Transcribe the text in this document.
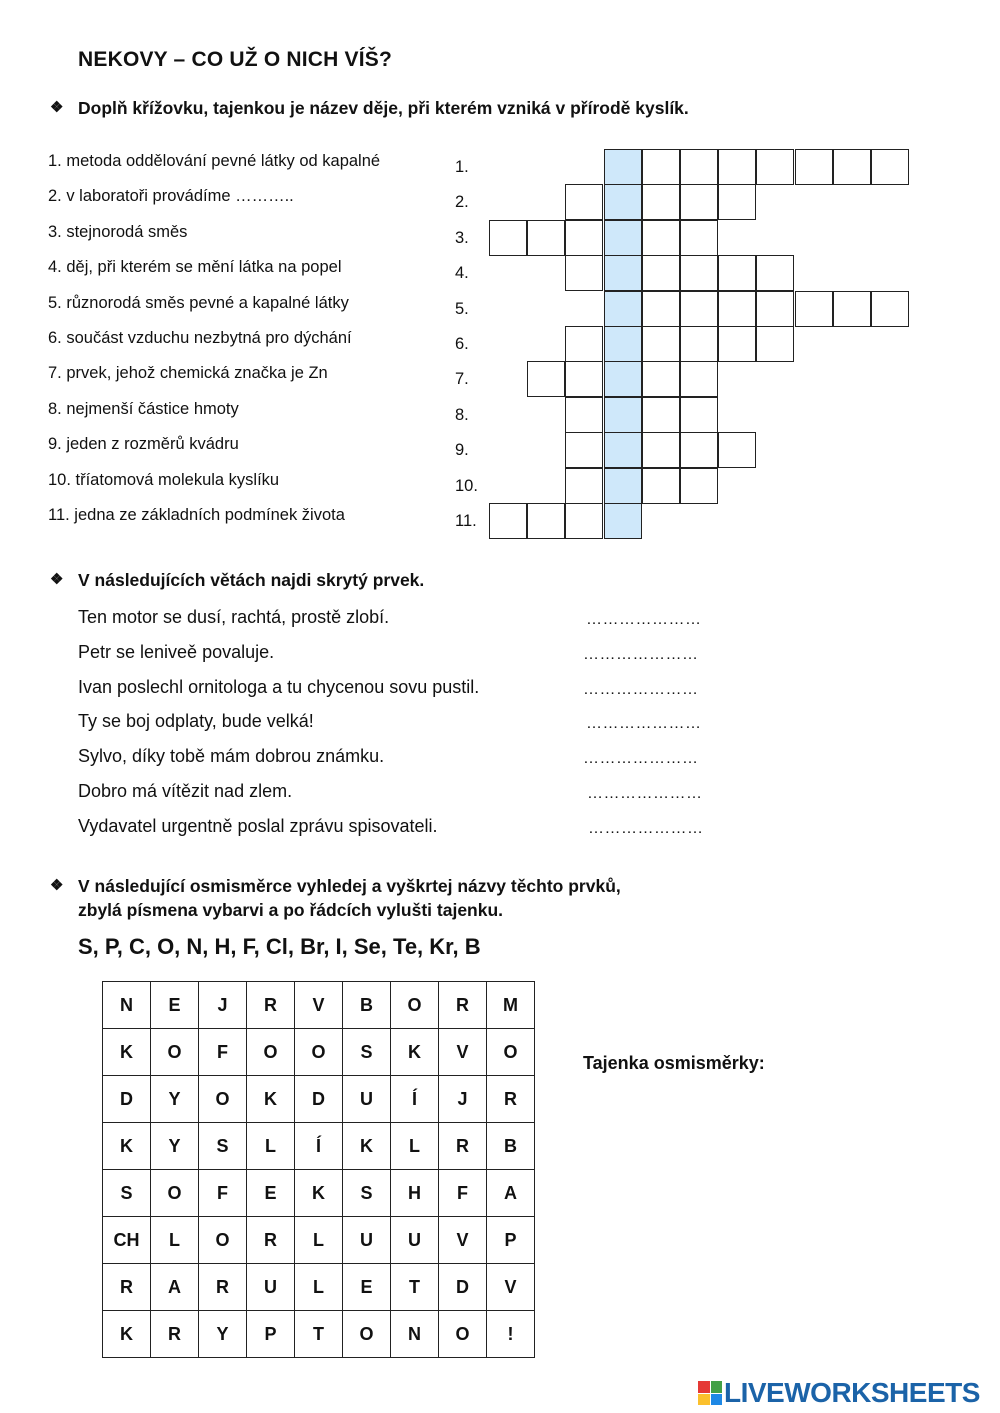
NEKOVY – CO UŽ O NICH VÍŠ?
❖ Doplň křížovku, tajenkou je název děje, při kterém vzniká v přírodě kyslík.
1. metoda oddělování pevné látky od kapalné	1.
2. v laboratoři provádíme ………..	2.
3. stejnorodá směs	3.
4. děj, při kterém se mění látka na popel	4.
5. různorodá směs pevné a kapalné látky	5.
6. součást vzduchu nezbytná pro dýchání	6.
7. prvek, jehož chemická značka je Zn	7.
8. nejmenší částice hmoty	8.
9. jeden z rozměrů kvádru	9.
10. tříatomová molekula kyslíku	10.
11. jedna ze základních podmínek života	11.
❖ V následujících větách najdi skrytý prvek.
Ten motor se dusí, rachtá, prostě zlobí.	…………………
Petr se leniveě povaluje.	…………………
Ivan poslechl ornitologa a tu chycenou sovu pustil.	…………………
Ty se boj odplaty, bude velká!	…………………
Sylvo, díky tobě mám dobrou známku.	…………………
Dobro má vítězit nad zlem.	…………………
Vydavatel urgentně poslal zprávu spisovateli.	…………………
❖ V následující osmisměrce vyhledej a vyškrtej názvy těchto prvků,
zbylá písmena vybarvi a po řádcích vylušti tajenku.
S, P, C, O, N, H, F, Cl, Br, I, Se, Te, Kr, B
N	E	J	R	V	B	O	R	M
K	O	F	O	O	S	K	V	O
D	Y	O	K	D	U	Í	J	R
K	Y	S	L	Í	K	L	R	B
S	O	F	E	K	S	H	F	A
CH	L	O	R	L	U	U	V	P
R	A	R	U	L	E	T	D	V
K	R	Y	P	T	O	N	O	!
Tajenka osmisměrky:
LIVEWORKSHEETS
